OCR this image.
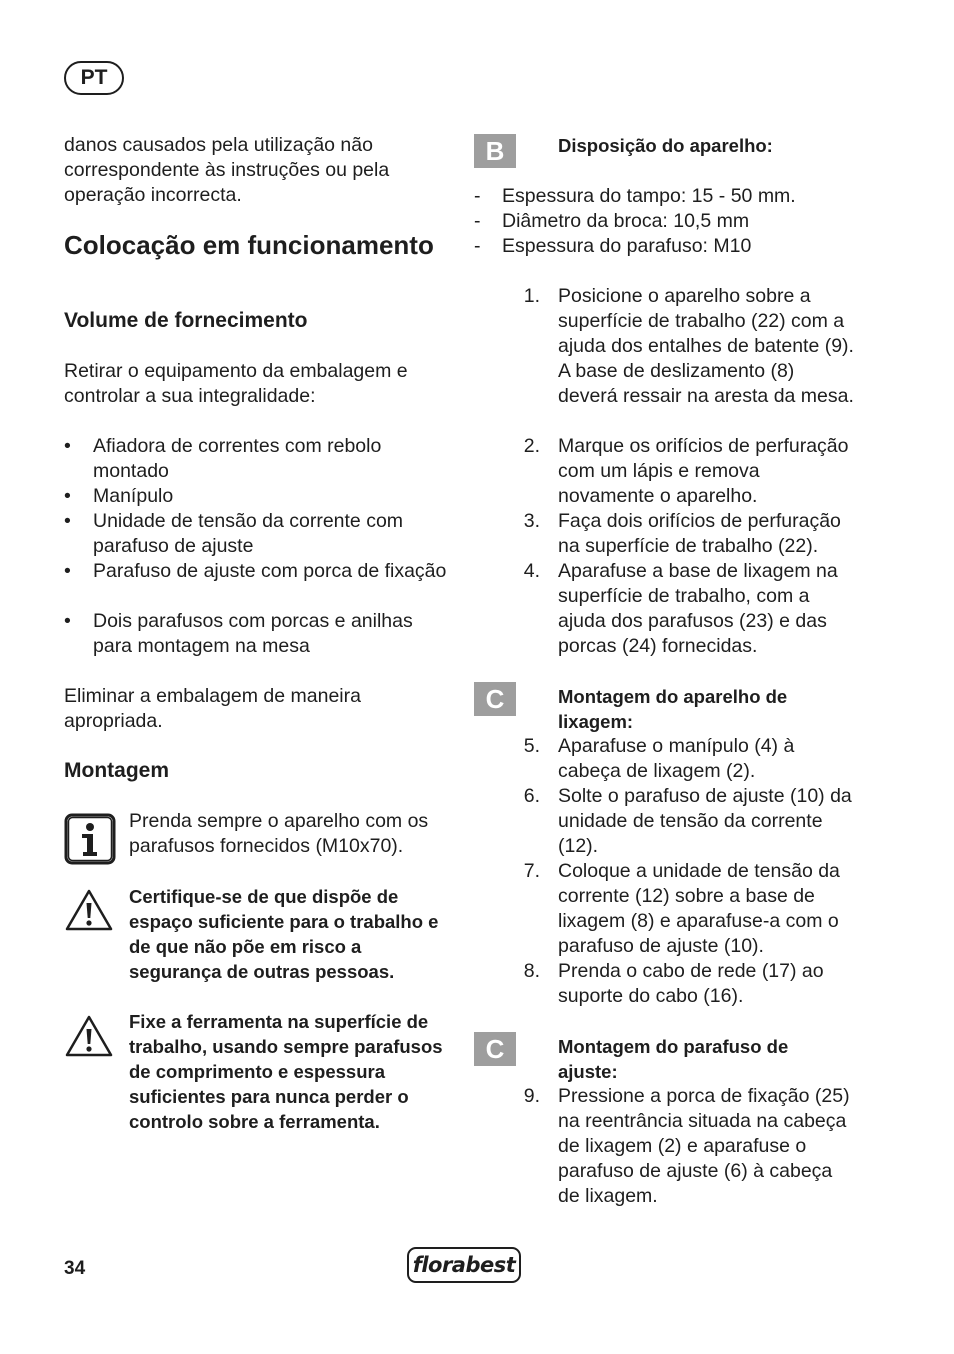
PT
danos causados pela utilização não correspondente às instruções ou pela operação incorrecta.
Colocação em funcionamento
Volume de fornecimento
Retirar o equipamento da embalagem e controlar a sua integralidade:
• Afiadora de correntes com rebolo montado
• Manípulo
• Unidade de tensão da corrente com parafuso de ajuste
• Parafuso de ajuste com porca de fixação
• Dois parafusos com porcas e anilhas para montagem na mesa
Eliminar a embalagem de maneira apropriada.
Montagem
Prenda sempre o aparelho com os parafusos fornecidos (M10x70).
Certifique-se de que dispõe de espaço suficiente para o trabalho e de que não põe em risco a segurança de outras pessoas.
Fixe a ferramenta na superfície de trabalho, usando sempre parafusos de comprimento e espessura suficientes para nunca perder o controlo sobre a ferramenta.
B	Disposição do aparelho:
- Espessura do tampo: 15 - 50 mm.
- Diâmetro da broca: 10,5 mm
- Espessura do parafuso: M10
1. Posicione o aparelho sobre a superfície de trabalho (22) com a ajuda dos entalhes de batente (9). A base de deslizamento (8) deverá ressair na aresta da mesa.
2. Marque os orifícios de perfuração com um lápis e remova novamente o aparelho.
3. Faça dois orifícios de perfuração na superfície de trabalho (22).
4. Aparafuse a base de lixagem na superfície de trabalho, com a ajuda dos parafusos (23) e das porcas (24) fornecidas.
C	Montagem do aparelho de lixagem:
5. Aparafuse o manípulo (4) à cabeça de lixagem (2).
6. Solte o parafuso de ajuste (10) da unidade de tensão da corrente (12).
7. Coloque a unidade de tensão da corrente (12) sobre a base de lixagem (8) e aparafuse-a com o parafuso de ajuste (10).
8. Prenda o cabo de rede (17) ao suporte do cabo (16).
C	Montagem do parafuso de ajuste:
9. Pressione a porca de fixação (25) na reentrância situada na cabeça de lixagem (2) e aparafuse o parafuso de ajuste (6) à cabeça de lixagem.
34	florabest
